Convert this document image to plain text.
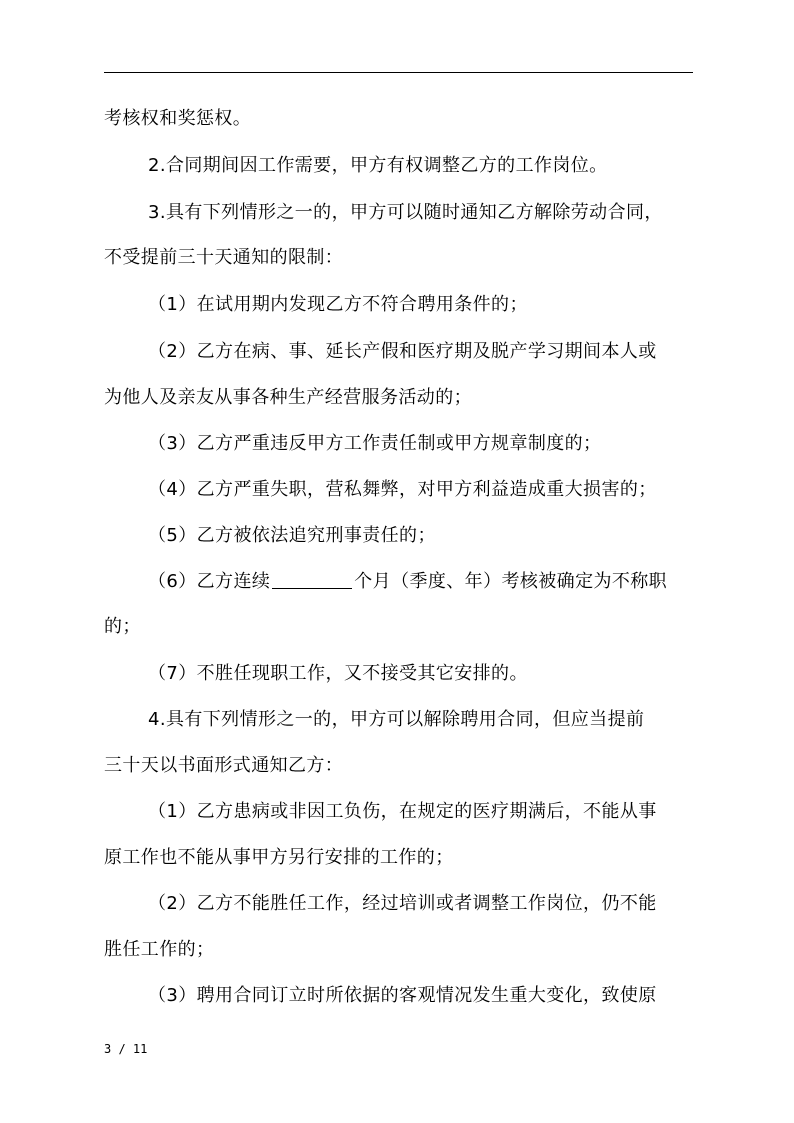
考核权和奖惩权。
2.合同期间因工作需要，甲方有权调整乙方的工作岗位。
3.具有下列情形之一的，甲方可以随时通知乙方解除劳动合同，
不受提前三十天通知的限制：
（1）在试用期内发现乙方不符合聘用条件的；
（2）乙方在病、事、延长产假和医疗期及脱产学习期间本人或
为他人及亲友从事各种生产经营服务活动的；
（3）乙方严重违反甲方工作责任制或甲方规章制度的；
（4）乙方严重失职，营私舞弊，对甲方利益造成重大损害的；
（5）乙方被依法追究刑事责任的；
（6）乙方连续	个月（季度、年）考核被确定为不称职
的；
（7）不胜任现职工作，又不接受其它安排的。
4.具有下列情形之一的，甲方可以解除聘用合同，但应当提前
三十天以书面形式通知乙方：
（1）乙方患病或非因工负伤，在规定的医疗期满后，不能从事
原工作也不能从事甲方另行安排的工作的；
（2）乙方不能胜任工作，经过培训或者调整工作岗位，仍不能
胜任工作的；
（3）聘用合同订立时所依据的客观情况发生重大变化，致使原
3 / 11
